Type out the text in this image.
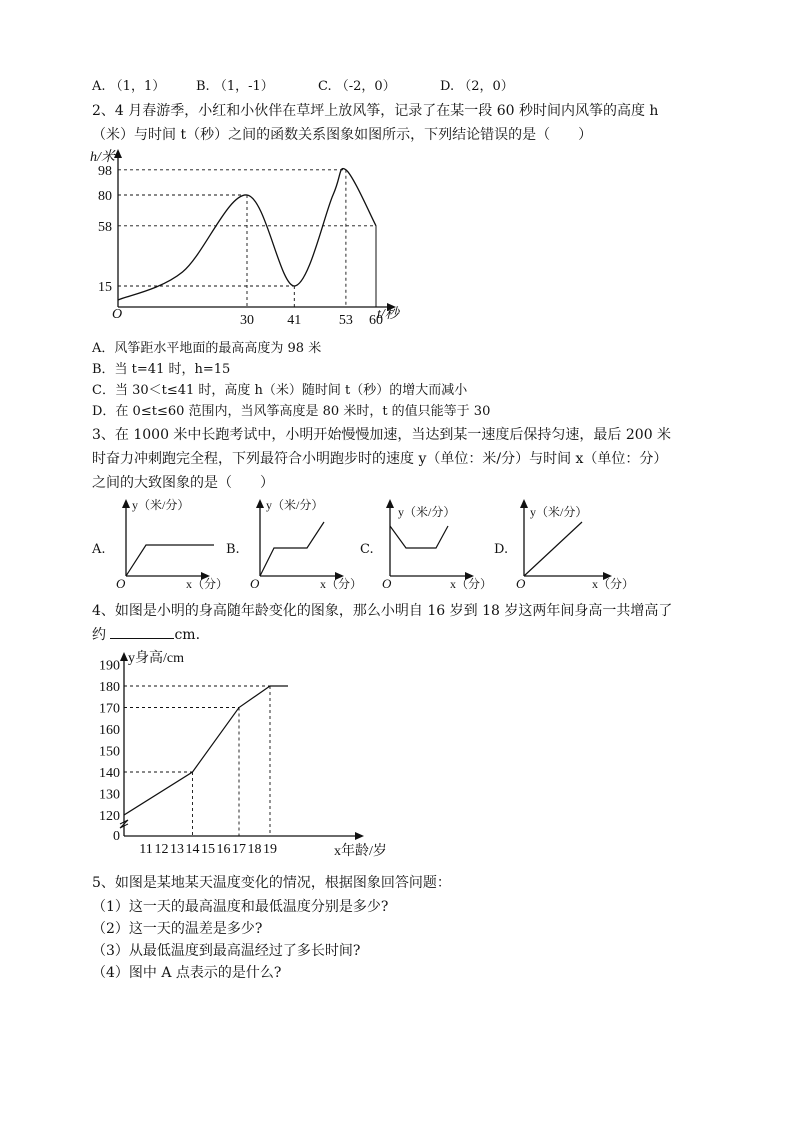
A. （1，1） B. （1，-1）	C. （-2，0）	D. （2，0）
2、4 月春游季，小红和小伙伴在草坪上放风筝，记录了在某一段 60 秒时间内风筝的高度 h
（米）与时间 t（秒）之间的函数关系图象如图所示，下列结论错误的是（　　）
h/米
t/秒
O
98
80
58
15
30 41	53 60
A．风筝距水平地面的最高高度为 98 米
B．当 t=41 时，h=15
C．当 30＜t≤41 时，高度 h（米）随时间 t（秒）的增大而减小
D．在 0≤t≤60 范围内，当风筝高度是 80 米时，t 的值只能等于 30
3、在 1000 米中长跑考试中，小明开始慢慢加速，当达到某一速度后保持匀速，最后 200 米
时奋力冲刺跑完全程，下列最符合小明跑步时的速度 y（单位：米/分）与时间 x（单位：分）
之间的大致图象的是（　　）
A.
y（米/分）
x（分）
O
B.
y（米/分）
x（分）
O
C.
y（米/分）
x（分）
O
D.
y（米/分）
x（分）
O
4、如图是小明的身高随年龄变化的图象，那么小明自 16 岁到 18 岁这两年间身高一共增高了
约	cm.
y身高/cm
x年龄/岁
190
180
170
160
150
140
130
120
0
11 12 13 14 15 16 17 18 19
5、如图是某地某天温度变化的情况，根据图象回答问题：
（1）这一天的最高温度和最低温度分别是多少?
（2）这一天的温差是多少?
（3）从最低温度到最高温经过了多长时间?
（4）图中 A 点表示的是什么?
